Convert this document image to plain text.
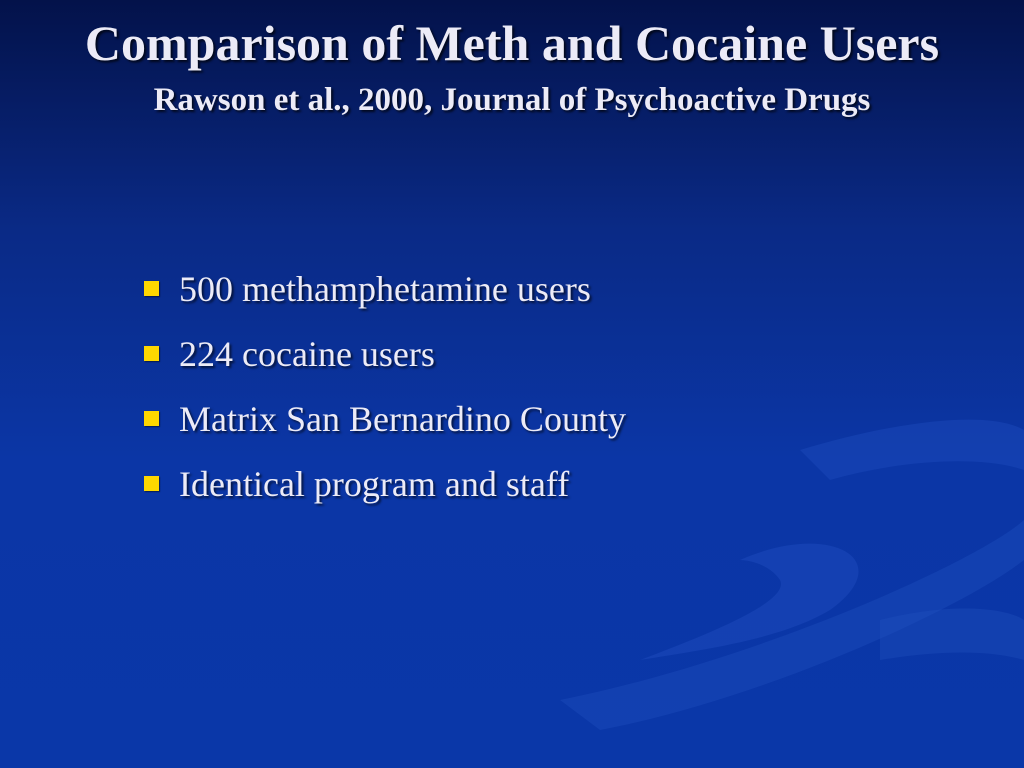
Comparison of Meth and Cocaine Users
Rawson et al., 2000, Journal of Psychoactive Drugs
500 methamphetamine users
224 cocaine users
Matrix San Bernardino County
Identical program and staff
